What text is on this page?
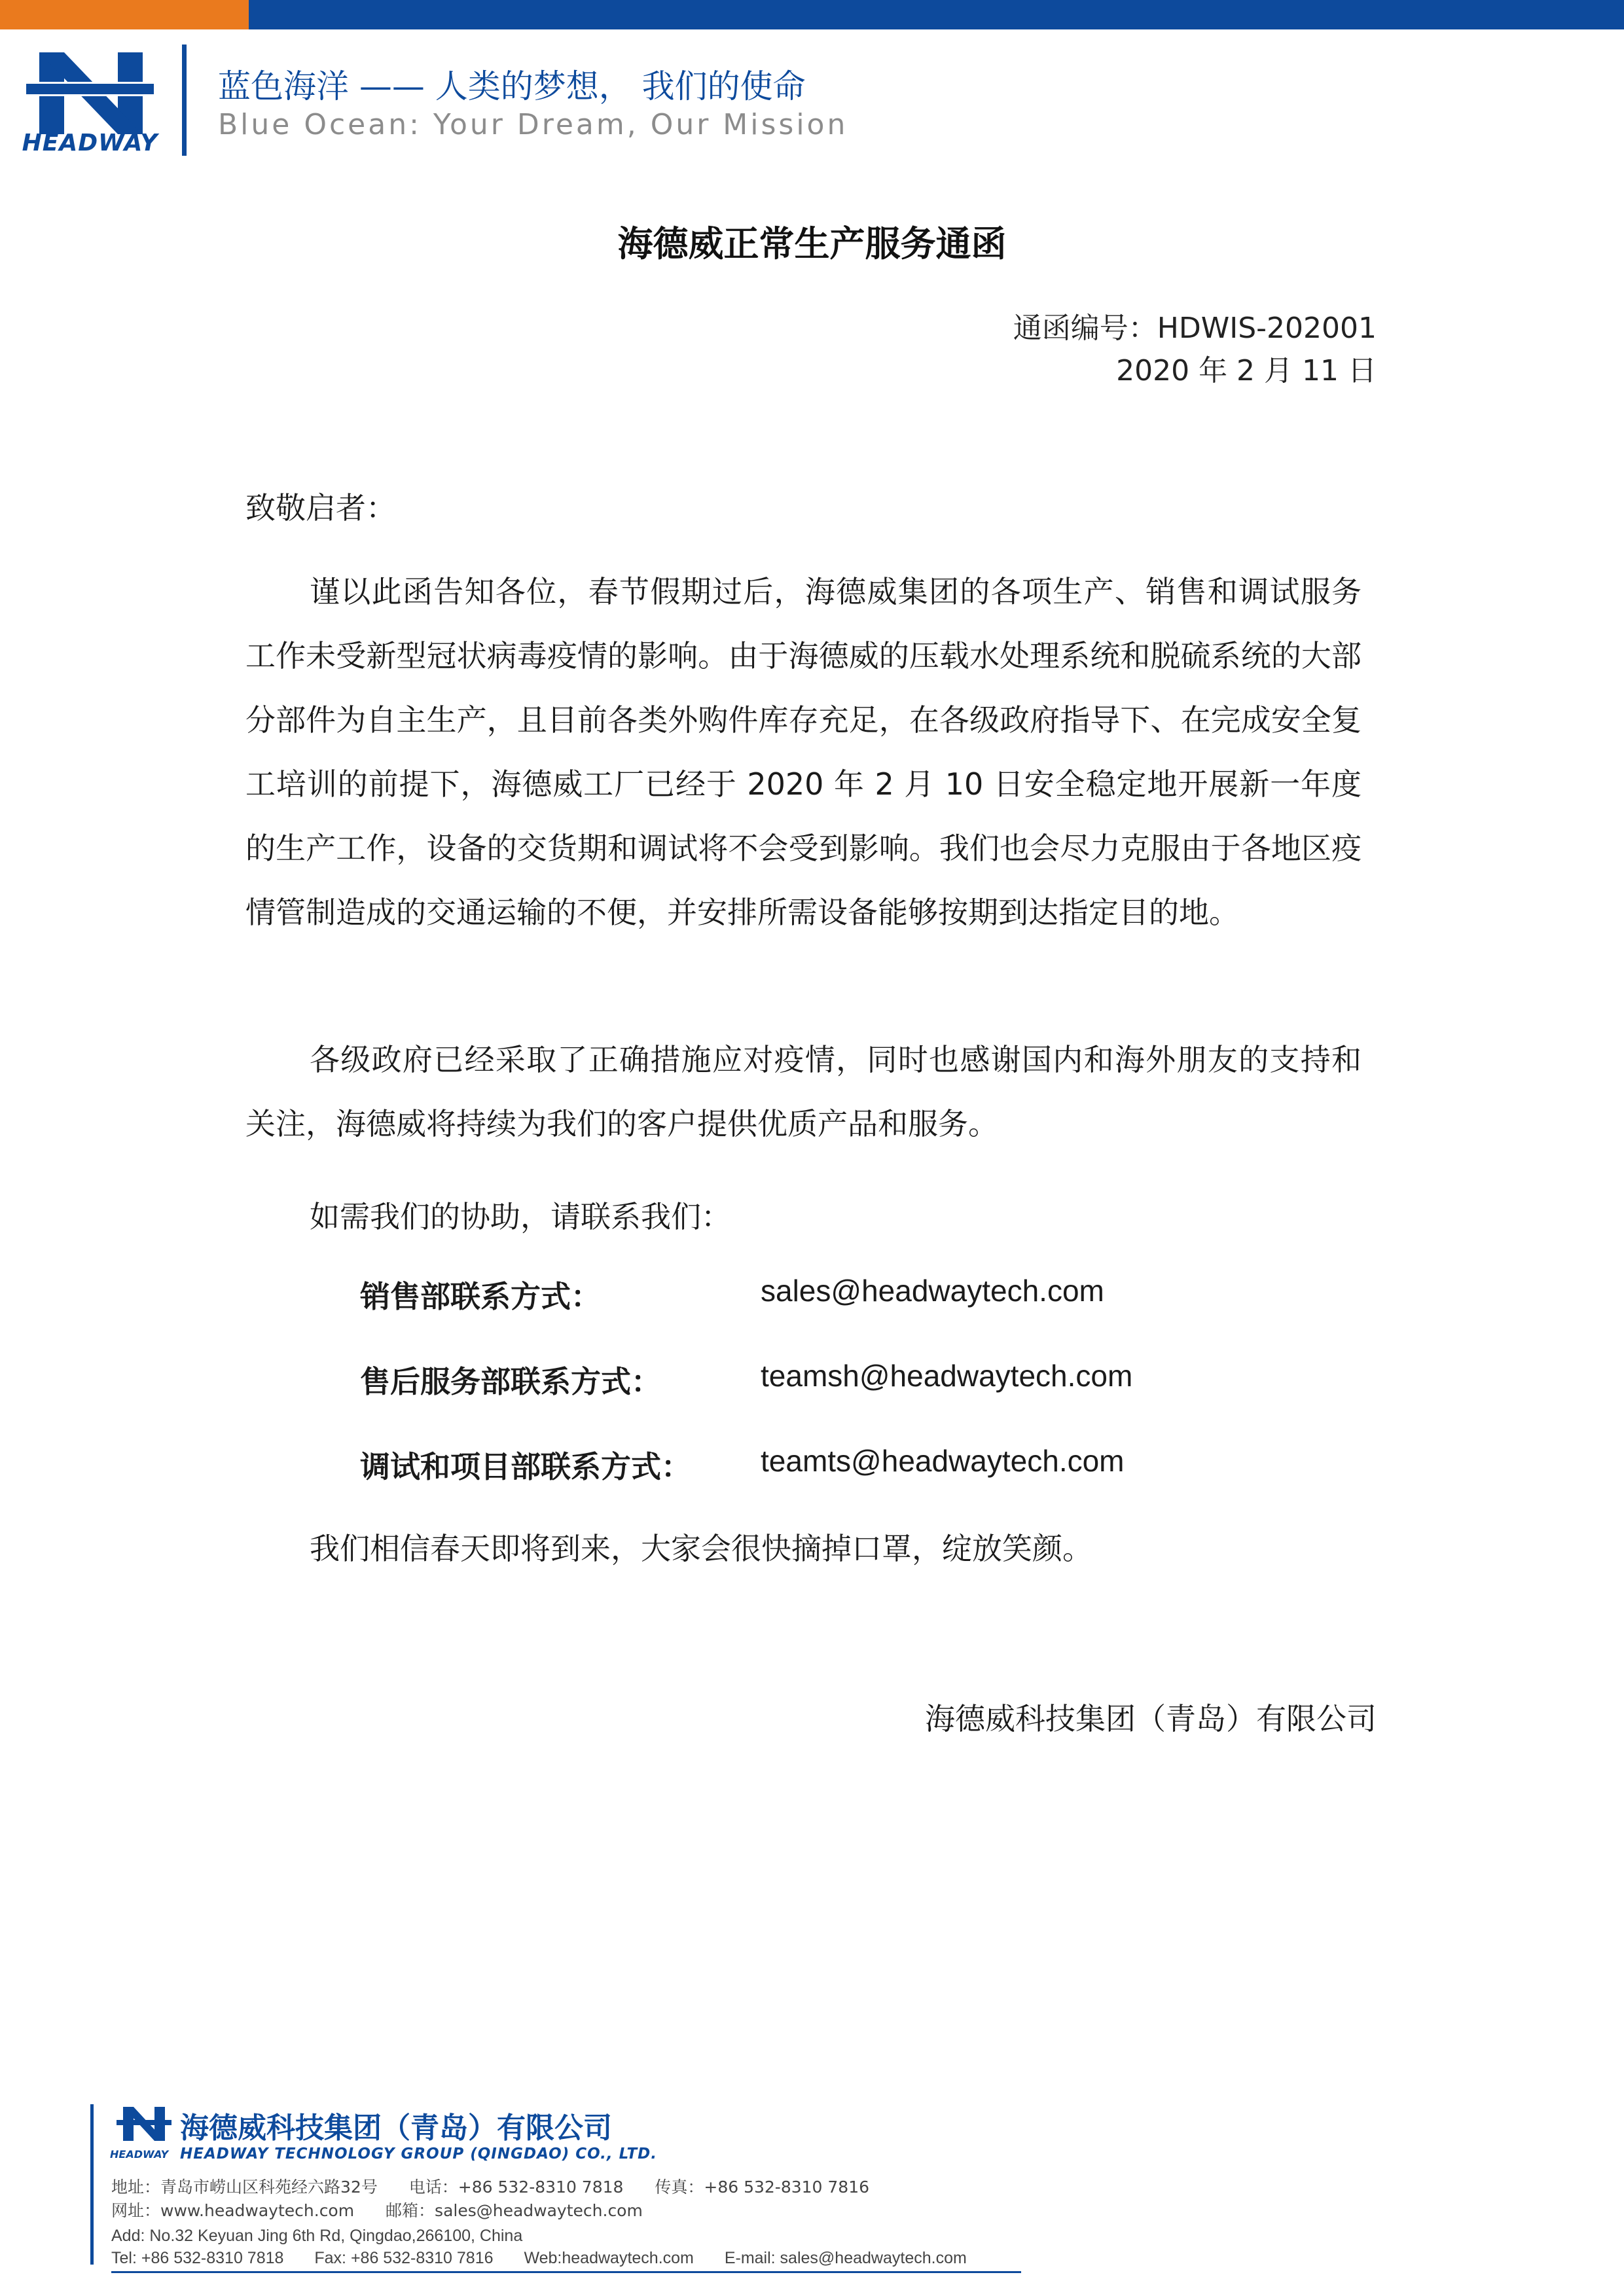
HEADWAY
蓝色海洋 —— 人类的梦想， 我们的使命
Blue Ocean: Your Dream, Our Mission
海德威正常生产服务通函
通函编号：HDWIS-202001
2020 年 2 月 11 日
致敬启者：

谨以此函告知各位，春节假期过后，海德威集团的各项生产、销售和调试服务工作未受新型冠状病毒疫情的影响。由于海德威的压载水处理系统和脱硫系统的大部分部件为自主生产，且目前各类外购件库存充足，在各级政府指导下、在完成安全复工培训的前提下，海德威工厂已经于 2020 年 2 月 10 日安全稳定地开展新一年度的生产工作，设备的交货期和调试将不会受到影响。我们也会尽力克服由于各地区疫情管制造成的交通运输的不便，并安排所需设备能够按期到达指定目的地。

各级政府已经采取了正确措施应对疫情，同时也感谢国内和海外朋友的支持和关注，海德威将持续为我们的客户提供优质产品和服务。

如需我们的协助，请联系我们：

销售部联系方式：	sales@headwaytech.com
售后服务部联系方式：	teamsh@headwaytech.com
调试和项目部联系方式： teamts@headwaytech.com
我们相信春天即将到来，大家会很快摘掉口罩，绽放笑颜。
海德威科技集团（青岛）有限公司
HEADWAY
海德威科技集团（青岛）有限公司
HEADWAY TECHNOLOGY GROUP (QINGDAO) CO., LTD.
地址：青岛市崂山区科苑经六路32号 电话：+86 532-8310 7818 传真：+86 532-8310 7816
网址：www.headwaytech.com 邮箱：sales@headwaytech.com
Add: No.32 Keyuan Jing 6th Rd, Qingdao,266100, China
Tel: +86 532-8310 7818 Fax: +86 532-8310 7816 Web:headwaytech.com E-mail: sales@headwaytech.com
